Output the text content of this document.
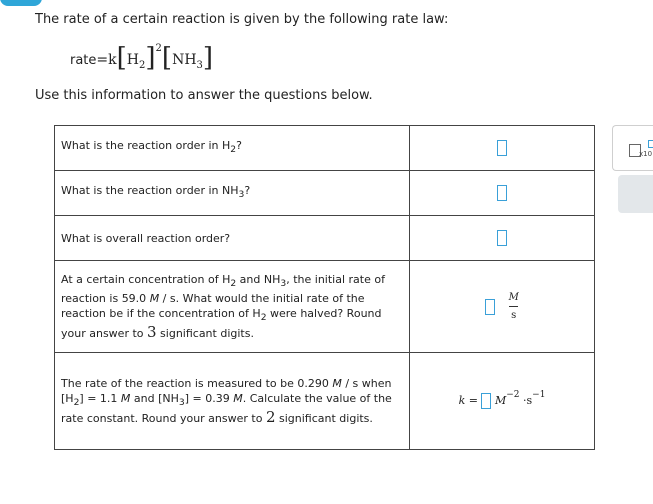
The rate of a certain reaction is given by the following rate law:
rate = k [ H 2 ] 2 [ NH 3 ]
Use this information to answer the questions below.
What is the reaction order in $H_2$?	
What is the reaction order in $NH_3$?	
What is overall reaction order?	
At a certain concentration of $H_2$ and $NH_3$, the initial rate of reaction is 59.0 M / s. What would the initial rate of the reaction be if the concentration of $H_2$ were halved? Round your answer to 3 significant digits.	$\frac{M}{s}$

The rate of the reaction is measured to be 0.290 M / s when $[H_2] = 1.1$ M and $[NH_3] = 0.39$ M. Calculate the value of the rate constant. Round your answer to 2 significant digits.	$k = M^{-2} \cdot s^{-1}$
x10
